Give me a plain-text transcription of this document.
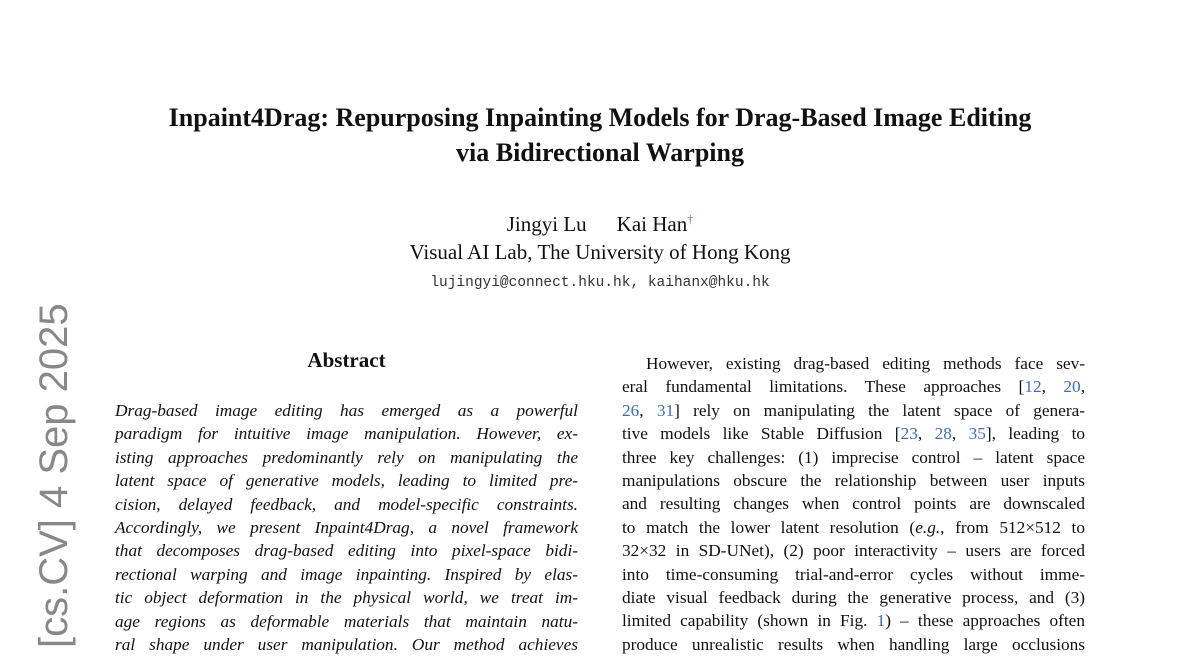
Inpaint4Drag: Repurposing Inpainting Models for Drag-Based Image Editing
via Bidirectional Warping
Jingyi Lu Kai Han†
Visual AI Lab, The University of Hong Kong
lujingyi@connect.hku.hk, kaihanx@hku.hk
[cs.CV] 4 Sep 2025	Abstract
Drag-based image editing has emerged as a powerful
paradigm for intuitive image manipulation. However, ex-
isting approaches predominantly rely on manipulating the
latent space of generative models, leading to limited pre-
cision, delayed feedback, and model-specific constraints.
Accordingly, we present Inpaint4Drag, a novel framework
that decomposes drag-based editing into pixel-space bidi-
rectional warping and image inpainting. Inspired by elas-
tic object deformation in the physical world, we treat im-
age regions as deformable materials that maintain natu-
ral shape under user manipulation. Our method achieves
However, existing drag-based editing methods face sev-
eral fundamental limitations. These approaches [12, 20,
26, 31] rely on manipulating the latent space of genera-
tive models like Stable Diffusion [23, 28, 35], leading to
three key challenges: (1) imprecise control – latent space
manipulations obscure the relationship between user inputs
and resulting changes when control points are downscaled
to match the lower latent resolution (e.g., from 512×512 to
32×32 in SD-UNet), (2) poor interactivity – users are forced
into time-consuming trial-and-error cycles without imme-
diate visual feedback during the generative process, and (3)
limited capability (shown in Fig. 1) – these approaches often
produce unrealistic results when handling large occlusions
